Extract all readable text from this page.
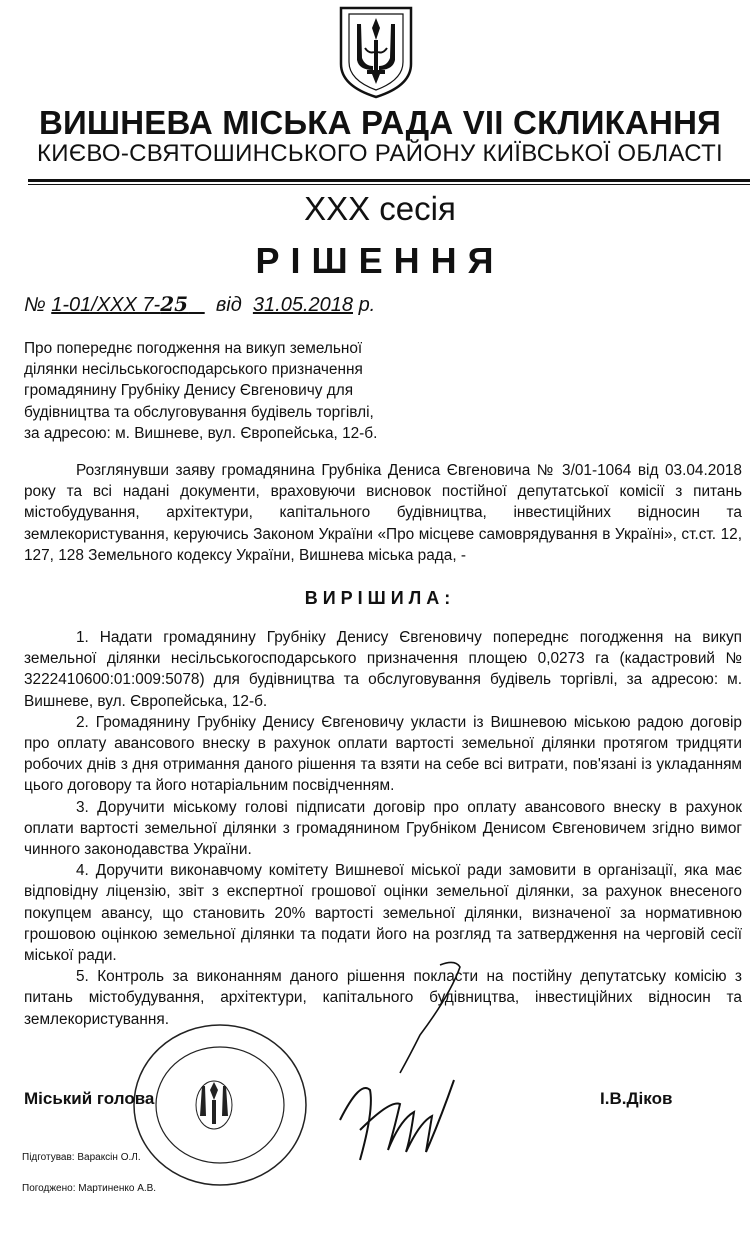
ВИШНЕВА МІСЬКА РАДА VII СКЛИКАННЯ
КИЄВО-СВЯТОШИНСЬКОГО РАЙОНУ КИЇВСЬКОЇ ОБЛАСТІ
XXX сесія
РІШЕННЯ
№ 1-01/XXX 7-25 від 31.05.2018 р.
Про попереднє погодження на викуп земельної
ділянки несільськогосподарського призначення
громадянину Грубніку Денису Євгеновичу для
будівництва та обслуговування будівель торгівлі,
за адресою: м. Вишневе, вул. Європейська, 12-б.

Розглянувши заяву громадянина Грубніка Дениса Євгеновича № 3/01-1064 від 03.04.2018 року та всі надані документи, враховуючи висновок постійної депутатської комісії з питань містобудування, архітектури, капітального будівництва, інвестиційних відносин та землекористування, керуючись Законом України «Про місцеве самоврядування в Україні», ст.ст. 12, 127, 128 Земельного кодексу України, Вишнева міська рада, -

ВИРІШИЛА:

1. Надати громадянину Грубніку Денису Євгеновичу попереднє погодження на викуп земельної ділянки несільськогосподарського призначення площею 0,0273 га (кадастровий № 3222410600:01:009:5078) для будівництва та обслуговування будівель торгівлі, за адресою: м. Вишневе, вул. Європейська, 12-б.

2. Громадянину Грубніку Денису Євгеновичу укласти із Вишневою міською радою договір про оплату авансового внеску в рахунок оплати вартості земельної ділянки протягом тридцяти робочих днів з дня отримання даного рішення та взяти на себе всі витрати, пов'язані із укладанням цього договору та його нотаріальним посвідченням.

3. Доручити міському голові підписати договір про оплату авансового внеску в рахунок оплати вартості земельної ділянки з громадянином Грубніком Денисом Євгеновичем згідно вимог чинного законодавства України.

4. Доручити виконавчому комітету Вишневої міської ради замовити в організації, яка має відповідну ліцензію, звіт з експертної грошової оцінки земельної ділянки, за рахунок внесеного покупцем авансу, що становить 20% вартості земельної ділянки, визначеної за нормативною грошовою оцінкою земельної ділянки та подати його на розгляд та затвердження на черговій сесії міської ради.

5. Контроль за виконанням даного рішення покласти на постійну депутатську комісію з питань містобудування, архітектури, капітального будівництва, інвестиційних відносин та землекористування.

Міський голова	І.В.Діков
Підготував: Вараксін О.Л.
Погоджено: Мартиненко А.В.
